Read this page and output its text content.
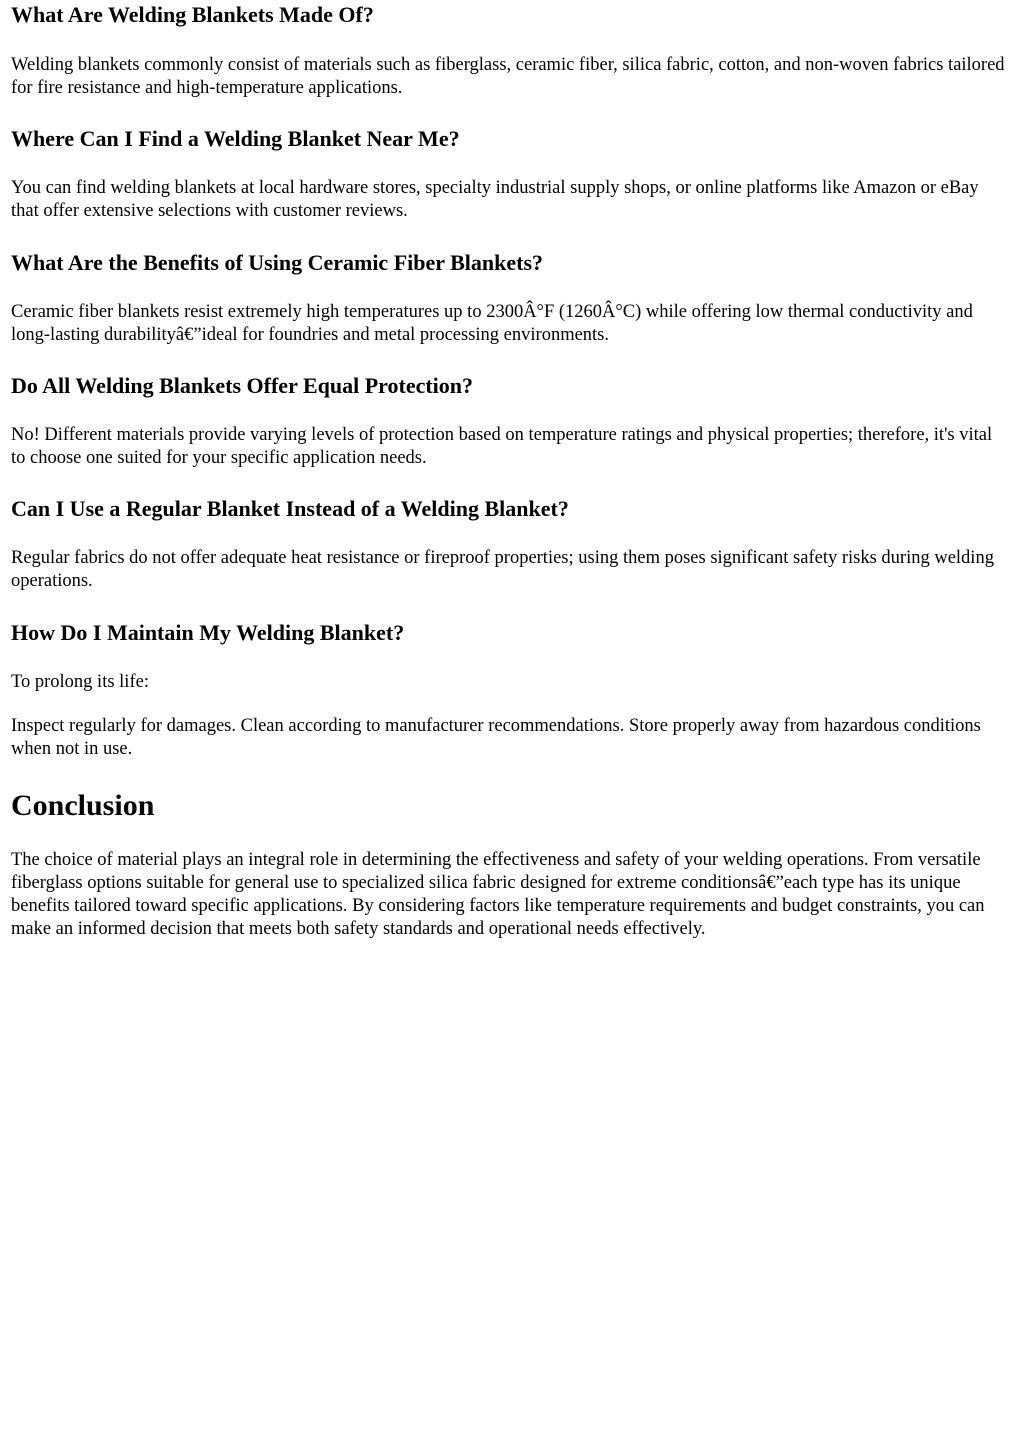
What Are Welding Blankets Made Of?

Welding blankets commonly consist of materials such as fiberglass, ceramic fiber, silica fabric, cotton, and non-woven fabrics tailored for fire resistance and high-temperature applications.

Where Can I Find a Welding Blanket Near Me?

You can find welding blankets at local hardware stores, specialty industrial supply shops, or online platforms like Amazon or eBay that offer extensive selections with customer reviews.

What Are the Benefits of Using Ceramic Fiber Blankets?

Ceramic fiber blankets resist extremely high temperatures up to 2300Â°F (1260Â°C) while offering low thermal conductivity and long-lasting durabilityâ€”ideal for foundries and metal processing environments.

Do All Welding Blankets Offer Equal Protection?

No! Different materials provide varying levels of protection based on temperature ratings and physical properties; therefore, it's vital to choose one suited for your specific application needs.

Can I Use a Regular Blanket Instead of a Welding Blanket?

Regular fabrics do not offer adequate heat resistance or fireproof properties; using them poses significant safety risks during welding operations.

How Do I Maintain My Welding Blanket?

To prolong its life:

Inspect regularly for damages. Clean according to manufacturer recommendations. Store properly away from hazardous conditions when not in use.

Conclusion

The choice of material plays an integral role in determining the effectiveness and safety of your welding operations. From versatile fiberglass options suitable for general use to specialized silica fabric designed for extreme conditionsâ€”each type has its unique benefits tailored toward specific applications. By considering factors like temperature requirements and budget constraints, you can make an informed decision that meets both safety standards and operational needs effectively.
